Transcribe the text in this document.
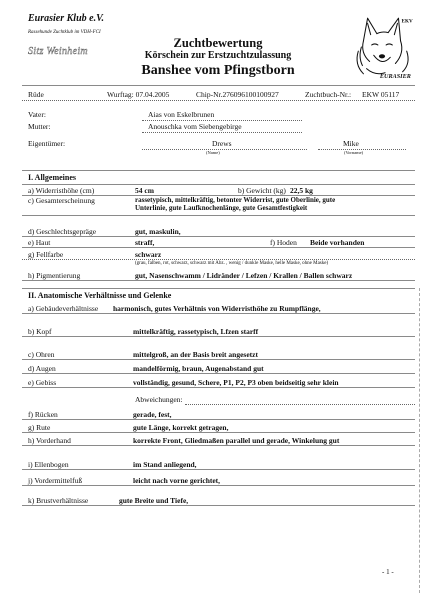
Eurasier Klub e.V.
Rassehunde Zuchtklub im VDH-FCI
Sitz Weinheim
Zuchtbewertung
Körschein zur Erstzuchtzulassung
Banshee vom Pfingstborn
EKV
EURASIER
Rüde	Wurftag: 07.04.2005	Chip-Nr.276096100100927	Zuchtbuch-Nr.: EKW 05117
Vater:	Aias von Eskelbrunen
Mutter:	Anouschka vom Siebengebirge
Eigentümer:	Drews	Mike
(Name)	(Vorname)
I. Allgemeines
a) Widerristhöhe (cm)	54 cm	b) Gewicht (kg) 22,5 kg
c) Gesamterscheinung	rassetypisch, mittelkräftig, betonter Widerrist, gute Oberlinie, gute
Unterlinie, gute Laufknochenlänge, gute Gesamtfestigkeit
d) Geschlechtsgepräge	gut, maskulin,
e) Haut	straff,	f) Hoden Beide vorhanden
g) Fellfarbe	schwarz
(grau, falben, rot, schwarz, schwarz mit Abz. , wenig / dunkle Maske, helle Maske, ohne Maske)
h) Pigmentierung	gut, Nasenschwamm / Lidränder / Lefzen / Krallen / Ballen schwarz
II. Anatomische Verhältnisse und Gelenke
a) Gebäudeverhältnisse harmonisch, gutes Verhältnis von Widerristhöhe zu Rumpflänge,
b) Kopf	mittelkräftig, rassetypisch, Lfzen starff
c) Ohren	mittelgroß, an der Basis breit angesetzt
d) Augen	mandelförmig, braun, Augenabstand gut
e) Gebiss	vollständig, gesund, Schere, P1, P2, P3 oben beidseitig sehr klein
Abweichungen:
f) Rücken	gerade, fest,
g) Rute	gute Länge, korrekt getragen,
h) Vorderhand	korrekte Front, Gliedmaßen parallel und gerade, Winkelung gut
i) Ellenbogen	im Stand anliegend,
j) Vordermittelfuß	leicht nach vorne gerichtet,
k) Brustverhältnisse	gute Breite und Tiefe,
- 1 -
